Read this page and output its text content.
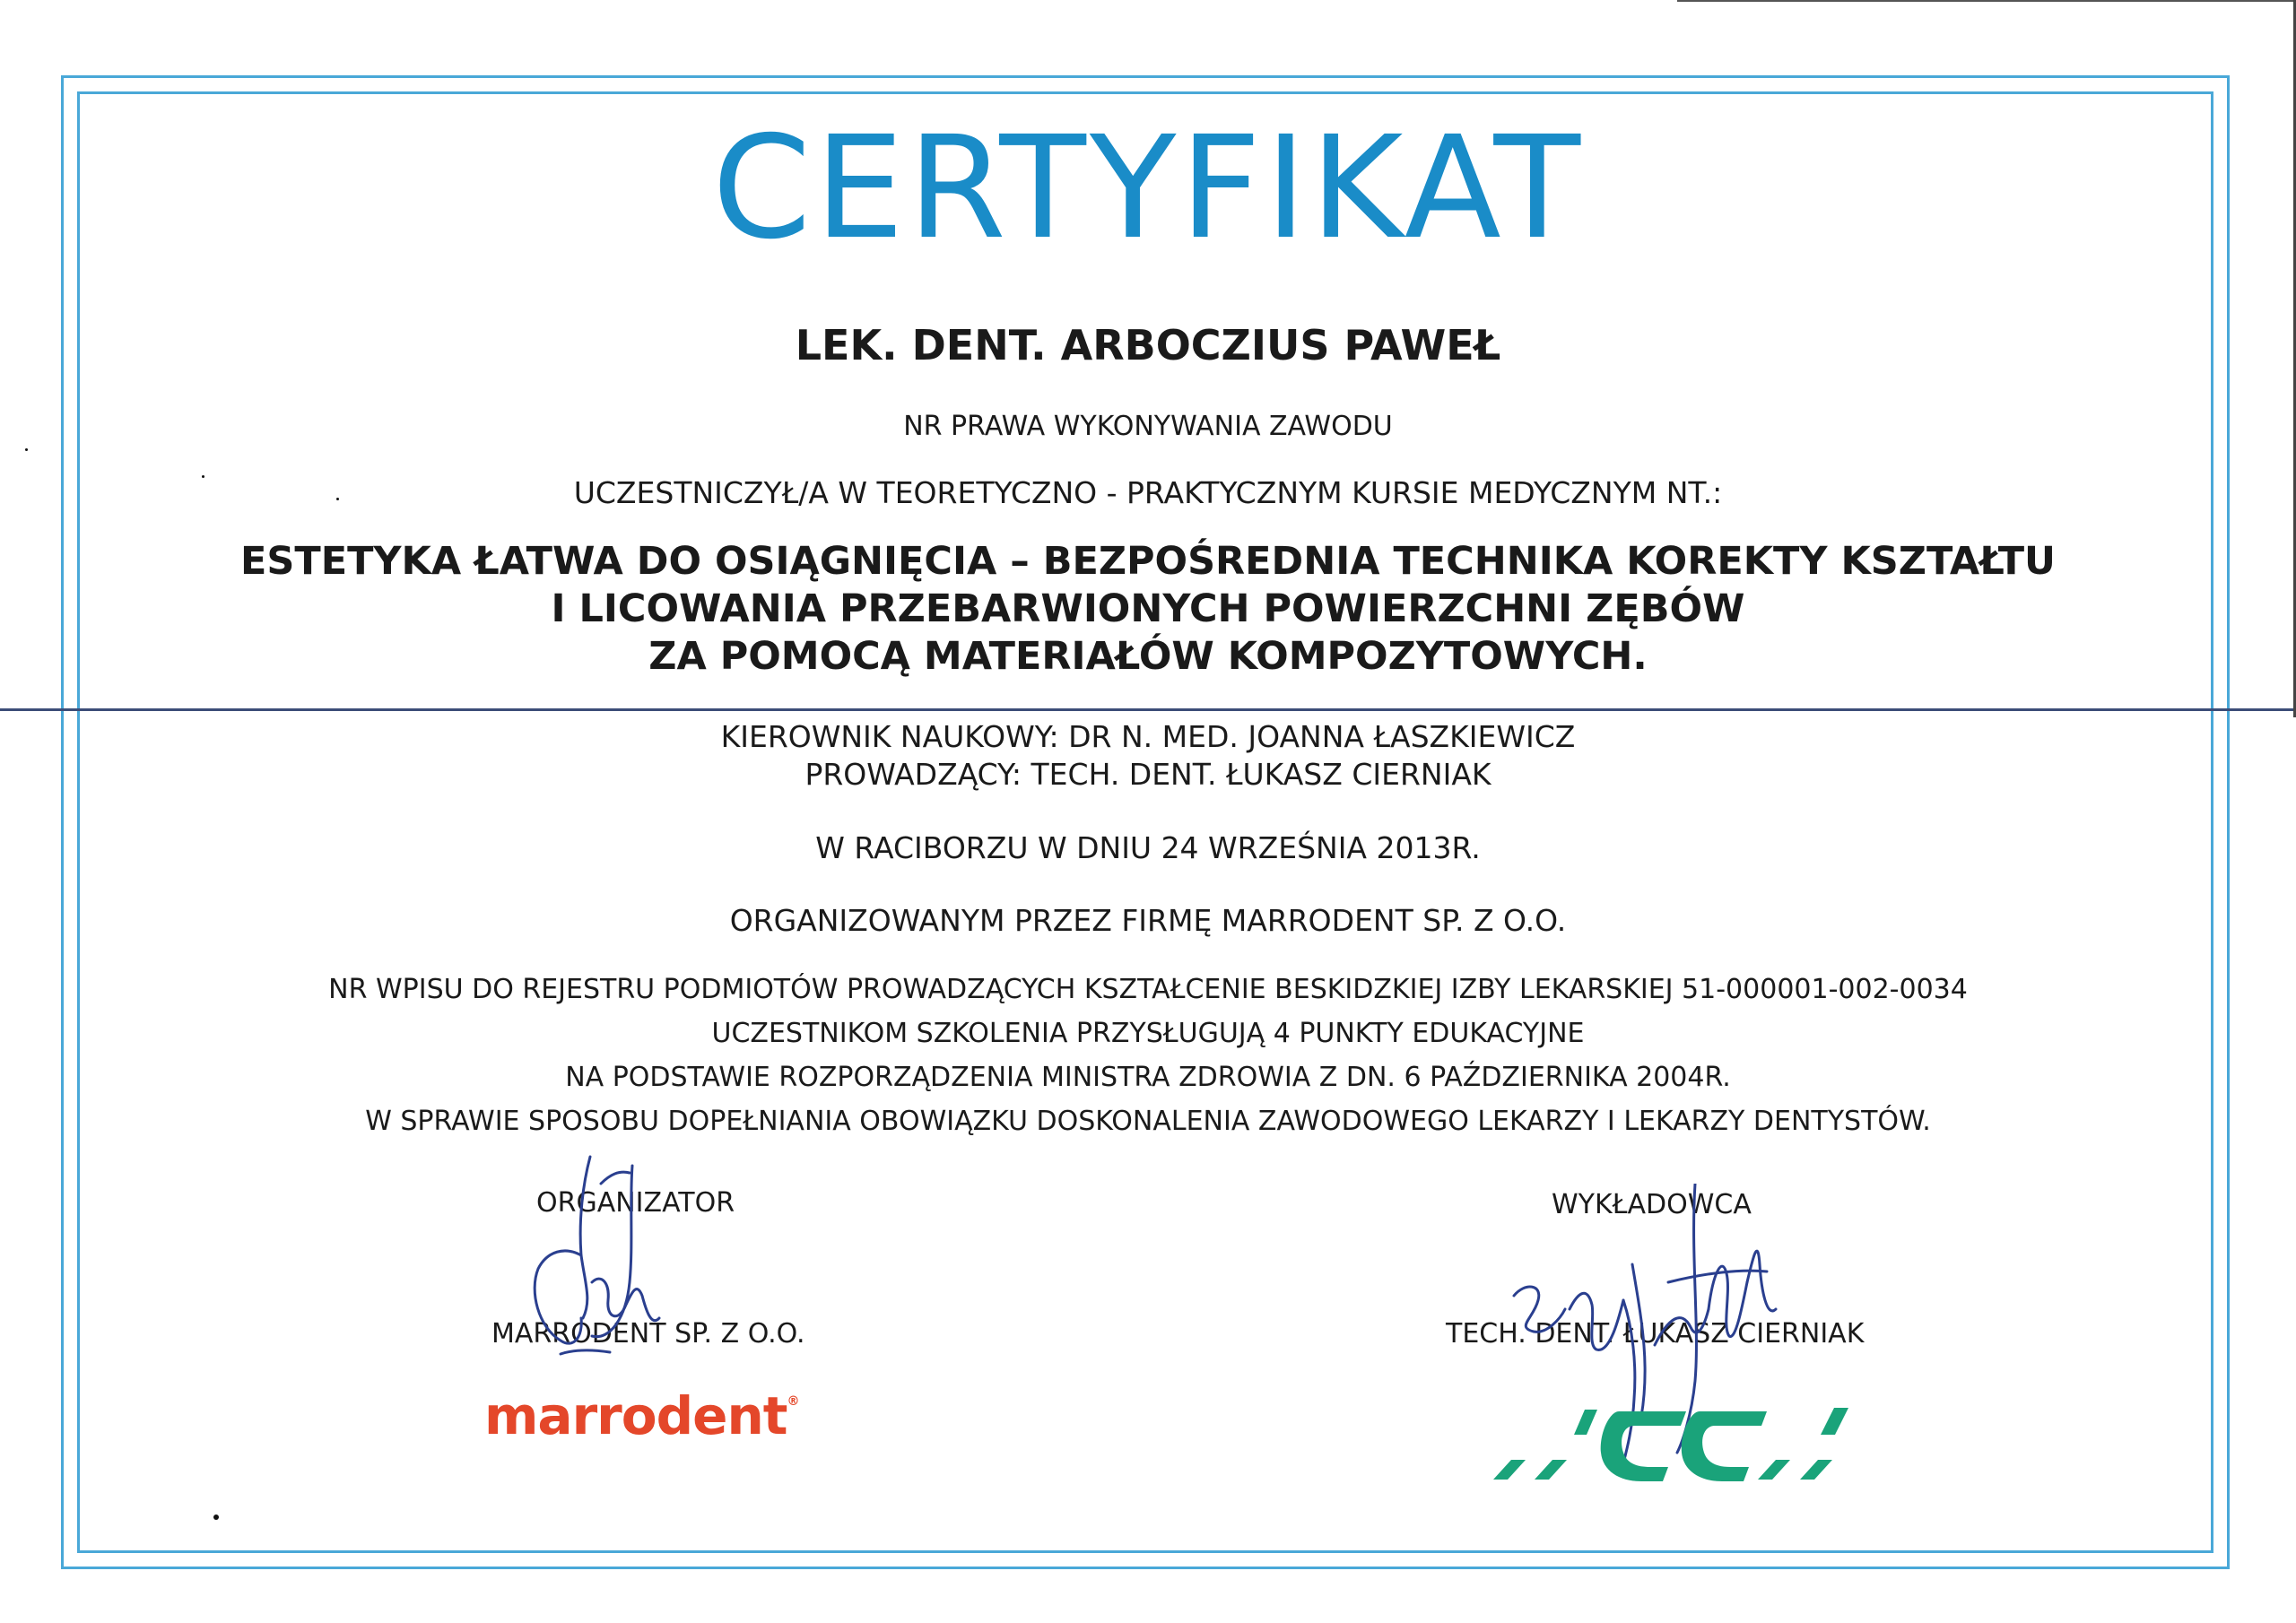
CERTYFIKAT
LEK. DENT. ARBOCZIUS PAWEŁ
NR PRAWA WYKONYWANIA ZAWODU
UCZESTNICZYŁ/A W TEORETYCZNO - PRAKTYCZNYM KURSIE MEDYCZNYM NT.:
ESTETYKA ŁATWA DO OSIĄGNIĘCIA – BEZPOŚREDNIA TECHNIKA KOREKTY KSZTAŁTU
I LICOWANIA PRZEBARWIONYCH POWIERZCHNI ZĘBÓW
ZA POMOCĄ MATERIAŁÓW KOMPOZYTOWYCH.
KIEROWNIK NAUKOWY: DR N. MED. JOANNA ŁASZKIEWICZ
PROWADZĄCY: TECH. DENT. ŁUKASZ CIERNIAK
W RACIBORZU W DNIU 24 WRZEŚNIA 2013R.
ORGANIZOWANYM PRZEZ FIRMĘ MARRODENT SP. Z O.O.
NR WPISU DO REJESTRU PODMIOTÓW PROWADZĄCYCH KSZTAŁCENIE BESKIDZKIEJ IZBY LEKARSKIEJ 51-000001-002-0034
UCZESTNIKOM SZKOLENIA PRZYSŁUGUJĄ 4 PUNKTY EDUKACYJNE
NA PODSTAWIE ROZPORZĄDZENIA MINISTRA ZDROWIA Z DN. 6 PAŹDZIERNIKA 2004R.
W SPRAWIE SPOSOBU DOPEŁNIANIA OBOWIĄZKU DOSKONALENIA ZAWODOWEGO LEKARZY I LEKARZY DENTYSTÓW.
ORGANIZATOR
MARRODENT SP. Z O.O.
WYKŁADOWCA
TECH. DENT. ŁUKASZ CIERNIAK
marrodent®
